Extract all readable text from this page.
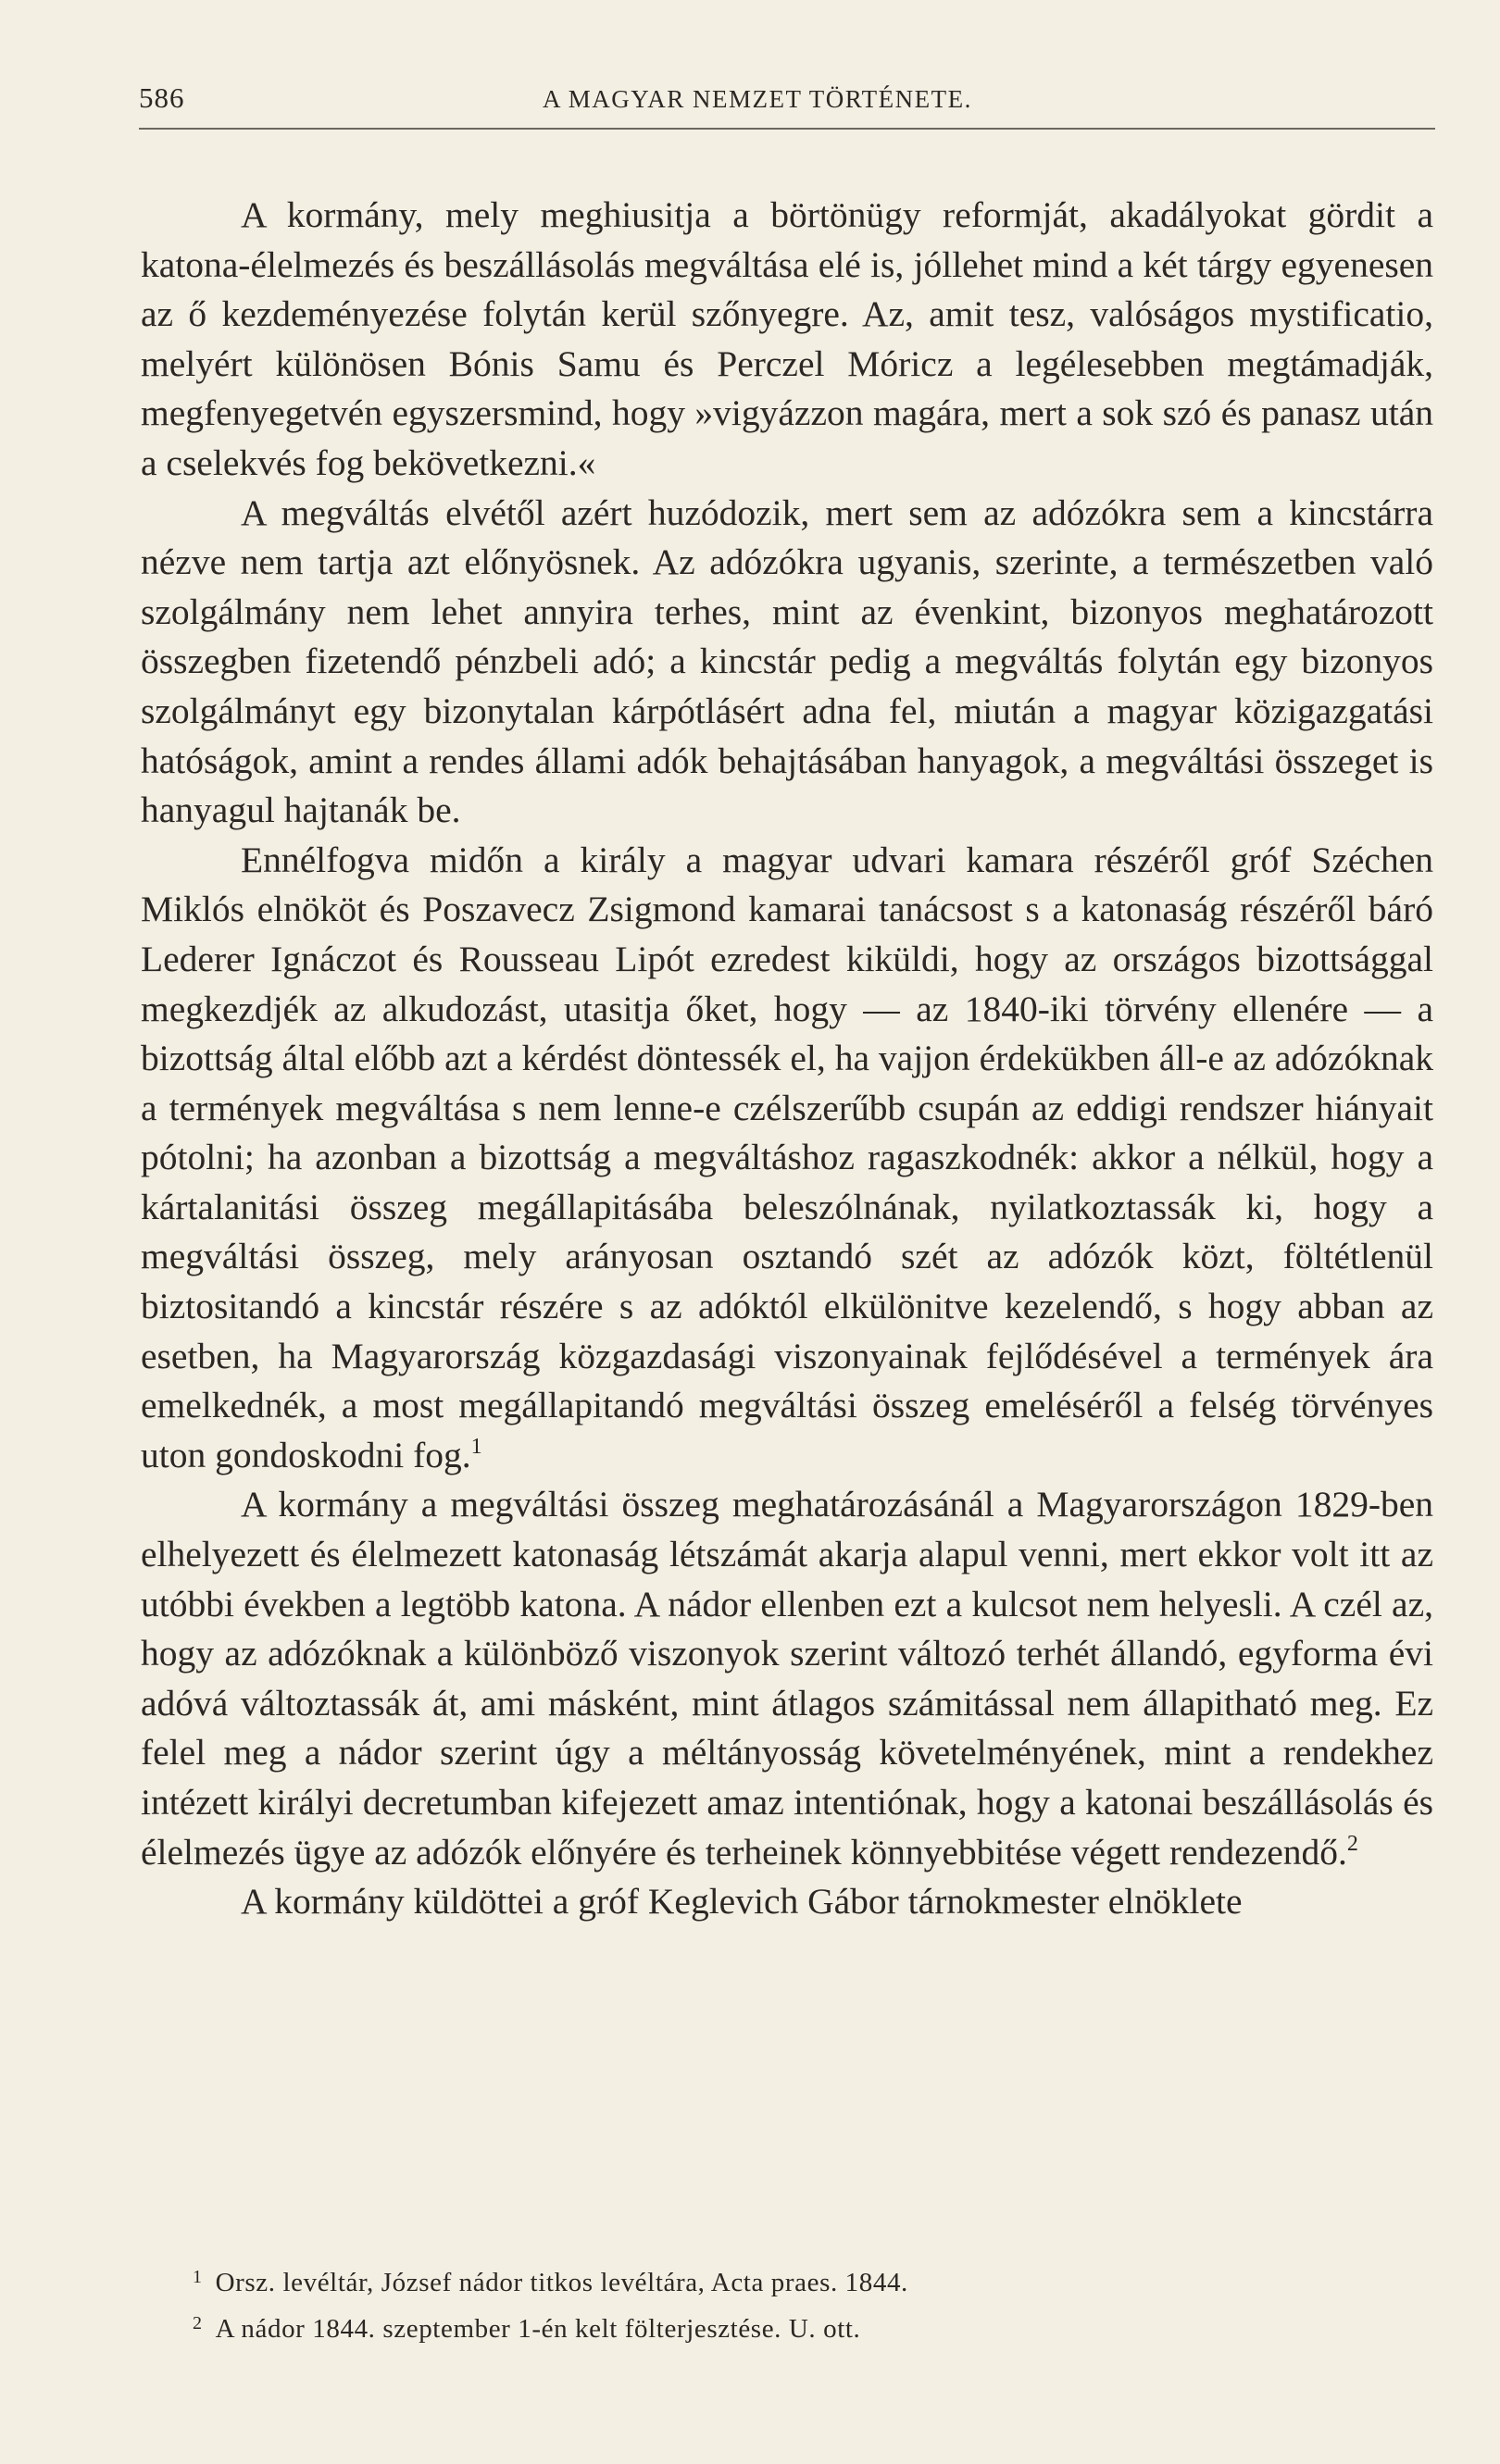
586	A MAGYAR NEMZET TÖRTÉNETE.

A kormány, mely meghiusitja a börtönügy reformját, akadályokat gördit a katona-élelmezés és beszállásolás megváltása elé is, jóllehet mind a két tárgy egyenesen az ő kezdeményezése folytán kerül szőnyegre. Az, amit tesz, valóságos mystificatio, melyért különösen Bónis Samu és Perczel Móricz a legélesebben megtámadják, megfenyegetvén egyszersmind, hogy »vigyázzon magára, mert a sok szó és panasz után a cselekvés fog bekövetkezni.«

A megváltás elvétől azért huzódozik, mert sem az adózókra sem a kincstárra nézve nem tartja azt előnyösnek. Az adózókra ugyanis, szerinte, a természetben való szolgálmány nem lehet annyira terhes, mint az évenkint, bizonyos meghatározott összegben fizetendő pénzbeli adó; a kincstár pedig a megváltás folytán egy bizonyos szolgálmányt egy bizonytalan kárpótlásért adna fel, miután a magyar közigazgatási hatóságok, amint a rendes állami adók behajtásában hanyagok, a megváltási összeget is hanyagul hajtanák be.

Ennélfogva midőn a király a magyar udvari kamara részéről gróf Széchen Miklós elnököt és Poszavecz Zsigmond kamarai tanácsost s a katonaság részéről báró Lederer Ignáczot és Rousseau Lipót ezredest kiküldi, hogy az országos bizottsággal megkezdjék az alkudozást, utasitja őket, hogy — az 1840-iki törvény ellenére — a bizottság által előbb azt a kérdést döntessék el, ha vajjon érdekükben áll-e az adózóknak a termények megváltása s nem lenne-e czélszerűbb csupán az eddigi rendszer hiányait pótolni; ha azonban a bizottság a megváltáshoz ragaszkodnék: akkor a nélkül, hogy a kártalanitási összeg megállapitásába beleszólnának, nyilatkoztassák ki, hogy a megváltási összeg, mely arányosan osztandó szét az adózók közt, föltétlenül biztositandó a kincstár részére s az adóktól elkülönitve kezelendő, s hogy abban az esetben, ha Magyarország közgazdasági viszonyainak fejlődésével a termények ára emelkednék, a most megállapitandó megváltási összeg emeléséről a felség törvényes uton gondoskodni fog.$^1$

A kormány a megváltási összeg meghatározásánál a Magyarországon 1829-ben elhelyezett és élelmezett katonaság létszámát akarja alapul venni, mert ekkor volt itt az utóbbi években a legtöbb katona. A nádor ellenben ezt a kulcsot nem helyesli. A czél az, hogy az adózóknak a különböző viszonyok szerint változó terhét állandó, egyforma évi adóvá változtassák át, ami másként, mint átlagos számitással nem állapitható meg. Ez felel meg a nádor szerint úgy a méltányosság követelményének, mint a rendekhez intézett királyi decretumban kifejezett amaz intentiónak, hogy a katonai beszállásolás és élelmezés ügye az adózók előnyére és terheinek könnyebbitése végett rendezendő.$^2$

A kormány küldöttei a gróf Keglevich Gábor tárnokmester elnöklete

$^1$ Orsz. levéltár, József nádor titkos levéltára, Acta praes. 1844.

$^2$ A nádor 1844. szeptember 1-én kelt fölterjesztése. U. ott.
